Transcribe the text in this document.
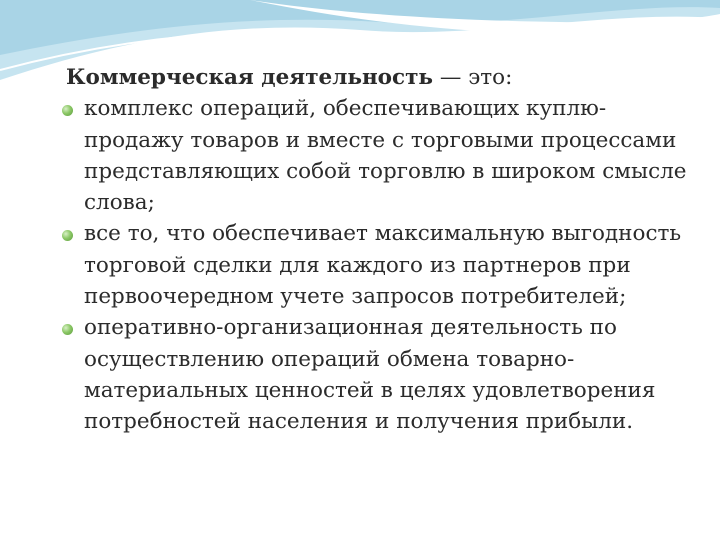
Коммерческая деятельность — это:

комплекс операций, обеспечивающих куплю-продажу товаров и вместе с торговыми процессами представляющих собой торговлю в широком смысле слова;
все то, что обеспечивает максимальную выгодность торговой сделки для каждого из партнеров при первоочередном учете запросов потребителей;
оперативно-организационная деятельность по осуществлению операций обмена товарно-материальных ценностей в целях удовлетворения потребностей населения и получения прибыли.
